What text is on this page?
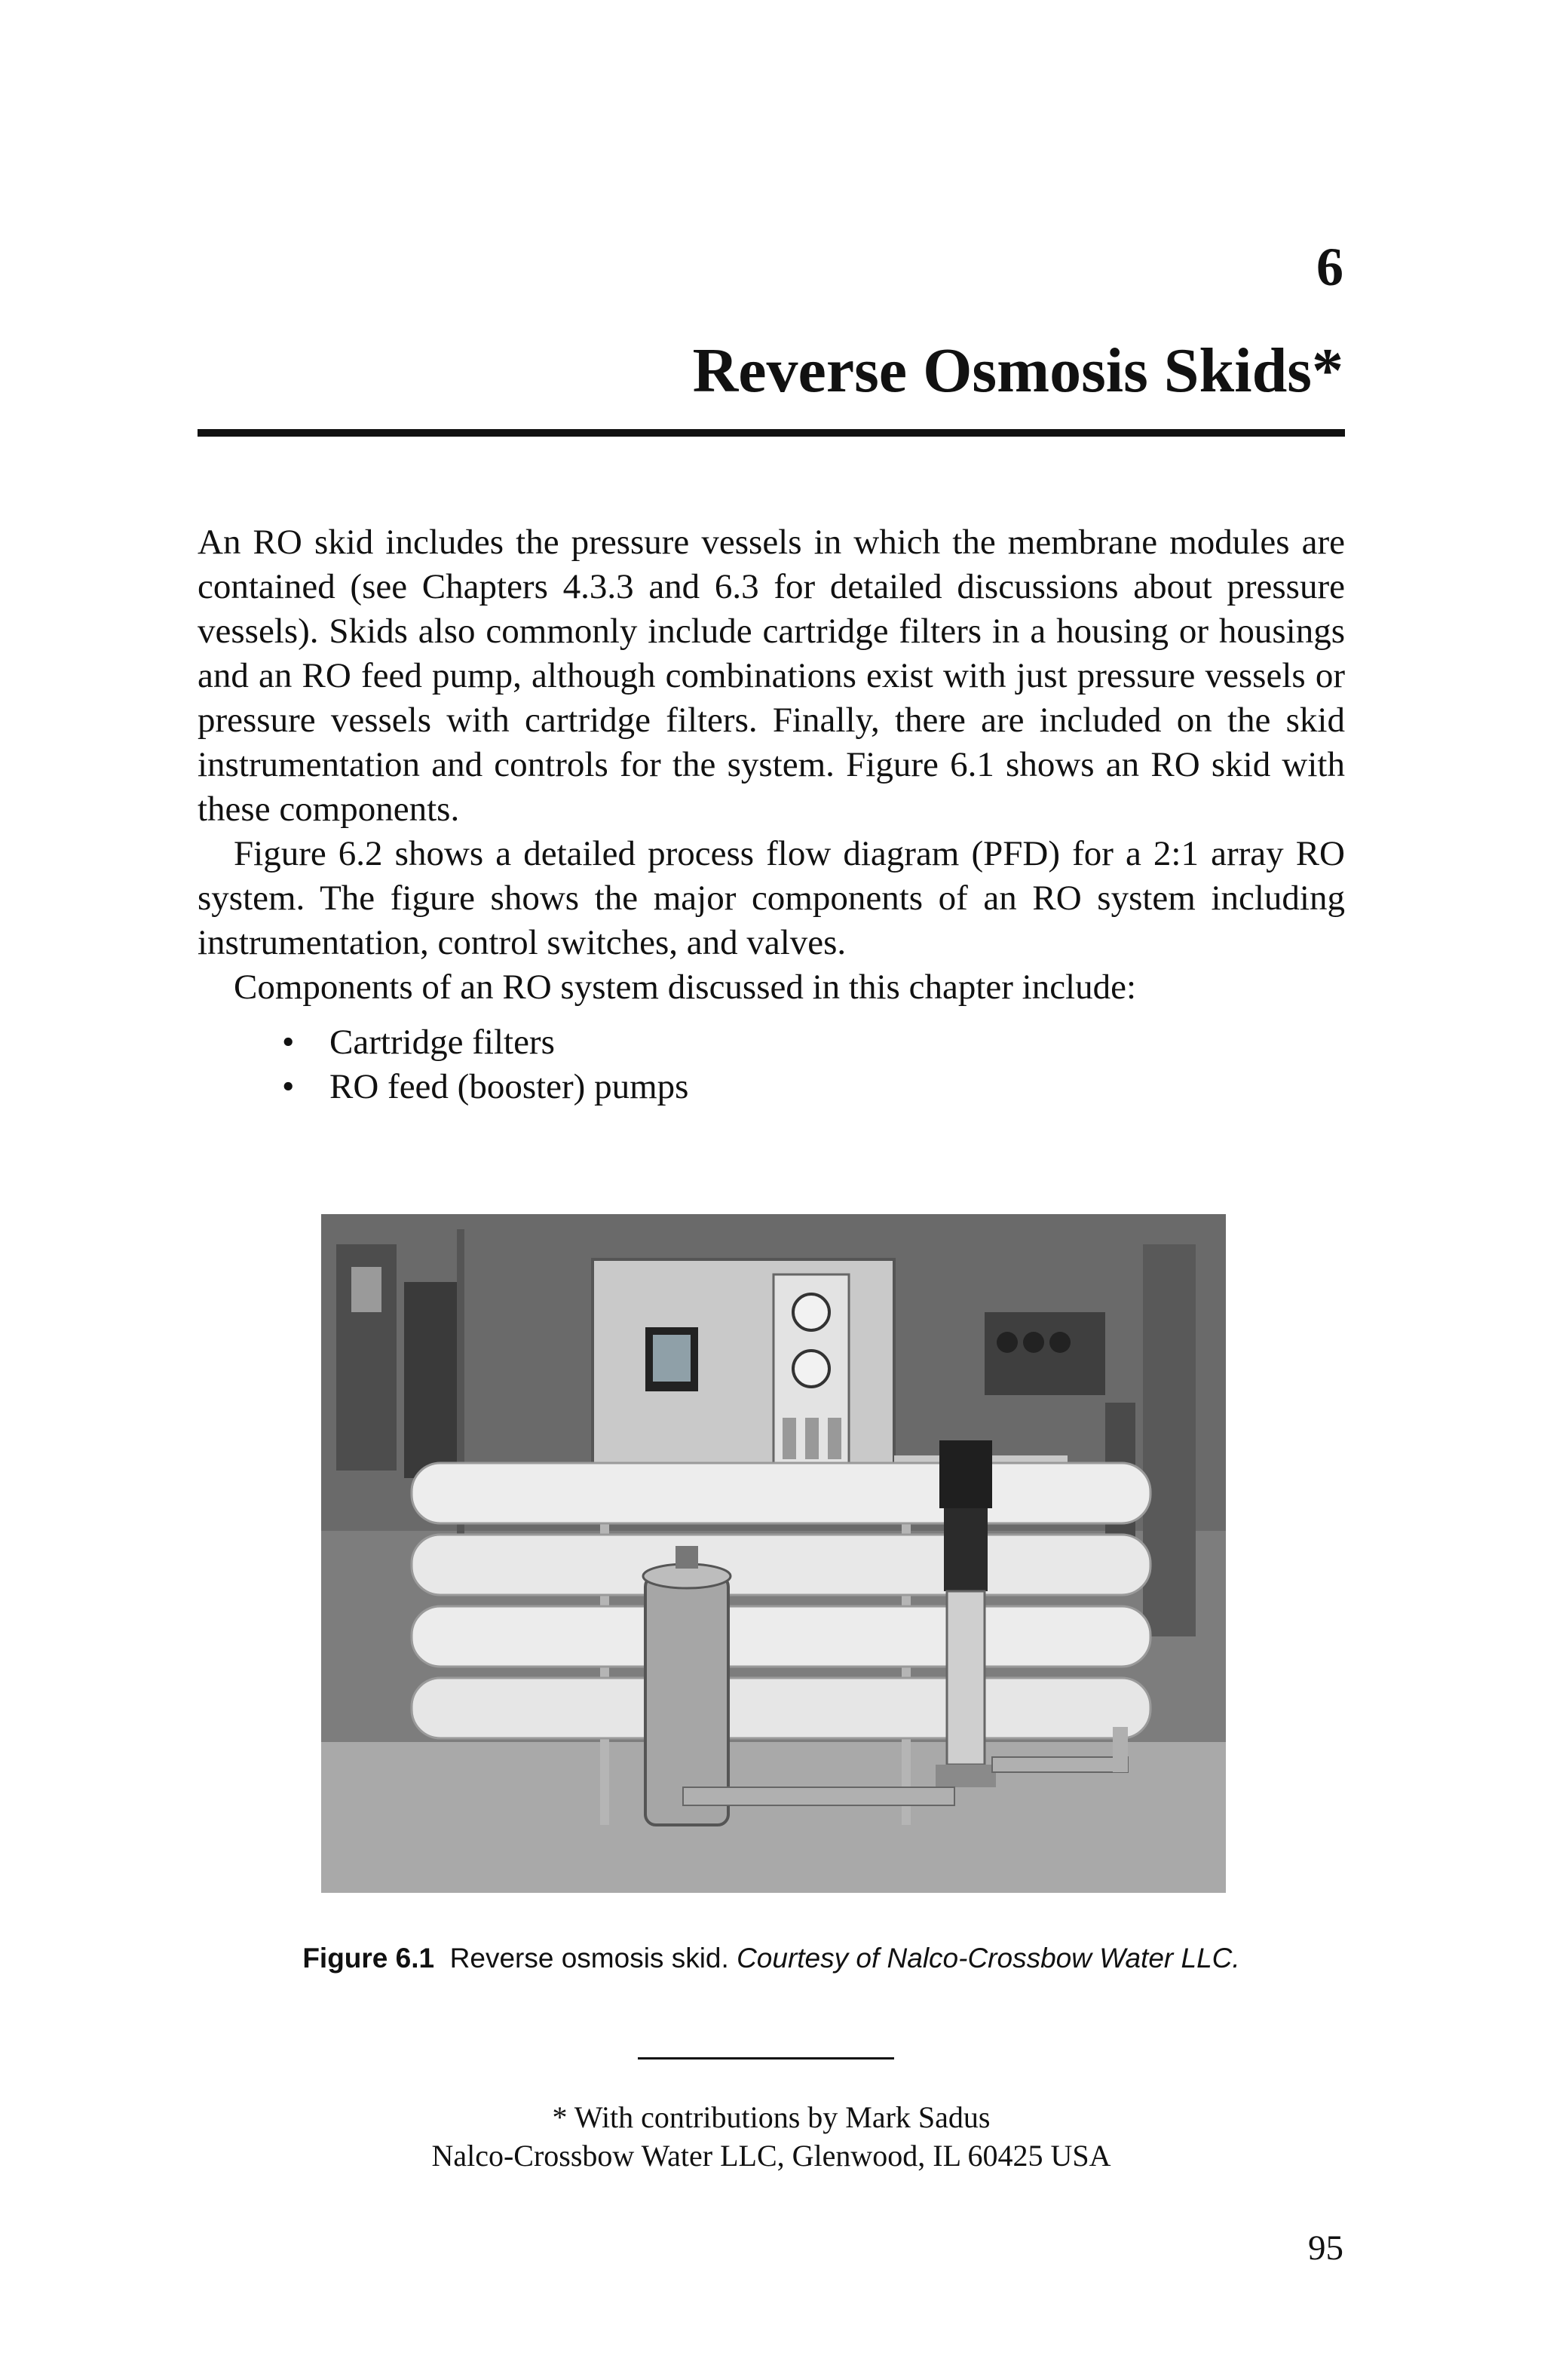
6
Reverse Osmosis Skids*

An RO skid includes the pressure vessels in which the membrane modules are contained (see Chapters 4.3.3 and 6.3 for detailed discussions about pressure vessels). Skids also commonly include cartridge filters in a housing or housings and an RO feed pump, although combinations exist with just pressure vessels or pressure vessels with cartridge filters. Finally, there are included on the skid instrumentation and controls for the system. Figure 6.1 shows an RO skid with these components.

Figure 6.2 shows a detailed process flow diagram (PFD) for a 2:1 array RO system. The figure shows the major components of an RO system including instrumentation, control switches, and valves.

Components of an RO system discussed in this chapter include:

• Cartridge filters
• RO feed (booster) pumps
Figure 6.1 Reverse osmosis skid. Courtesy of Nalco-Crossbow Water LLC.
* With contributions by Mark Sadus
Nalco-Crossbow Water LLC, Glenwood, IL 60425 USA
95
